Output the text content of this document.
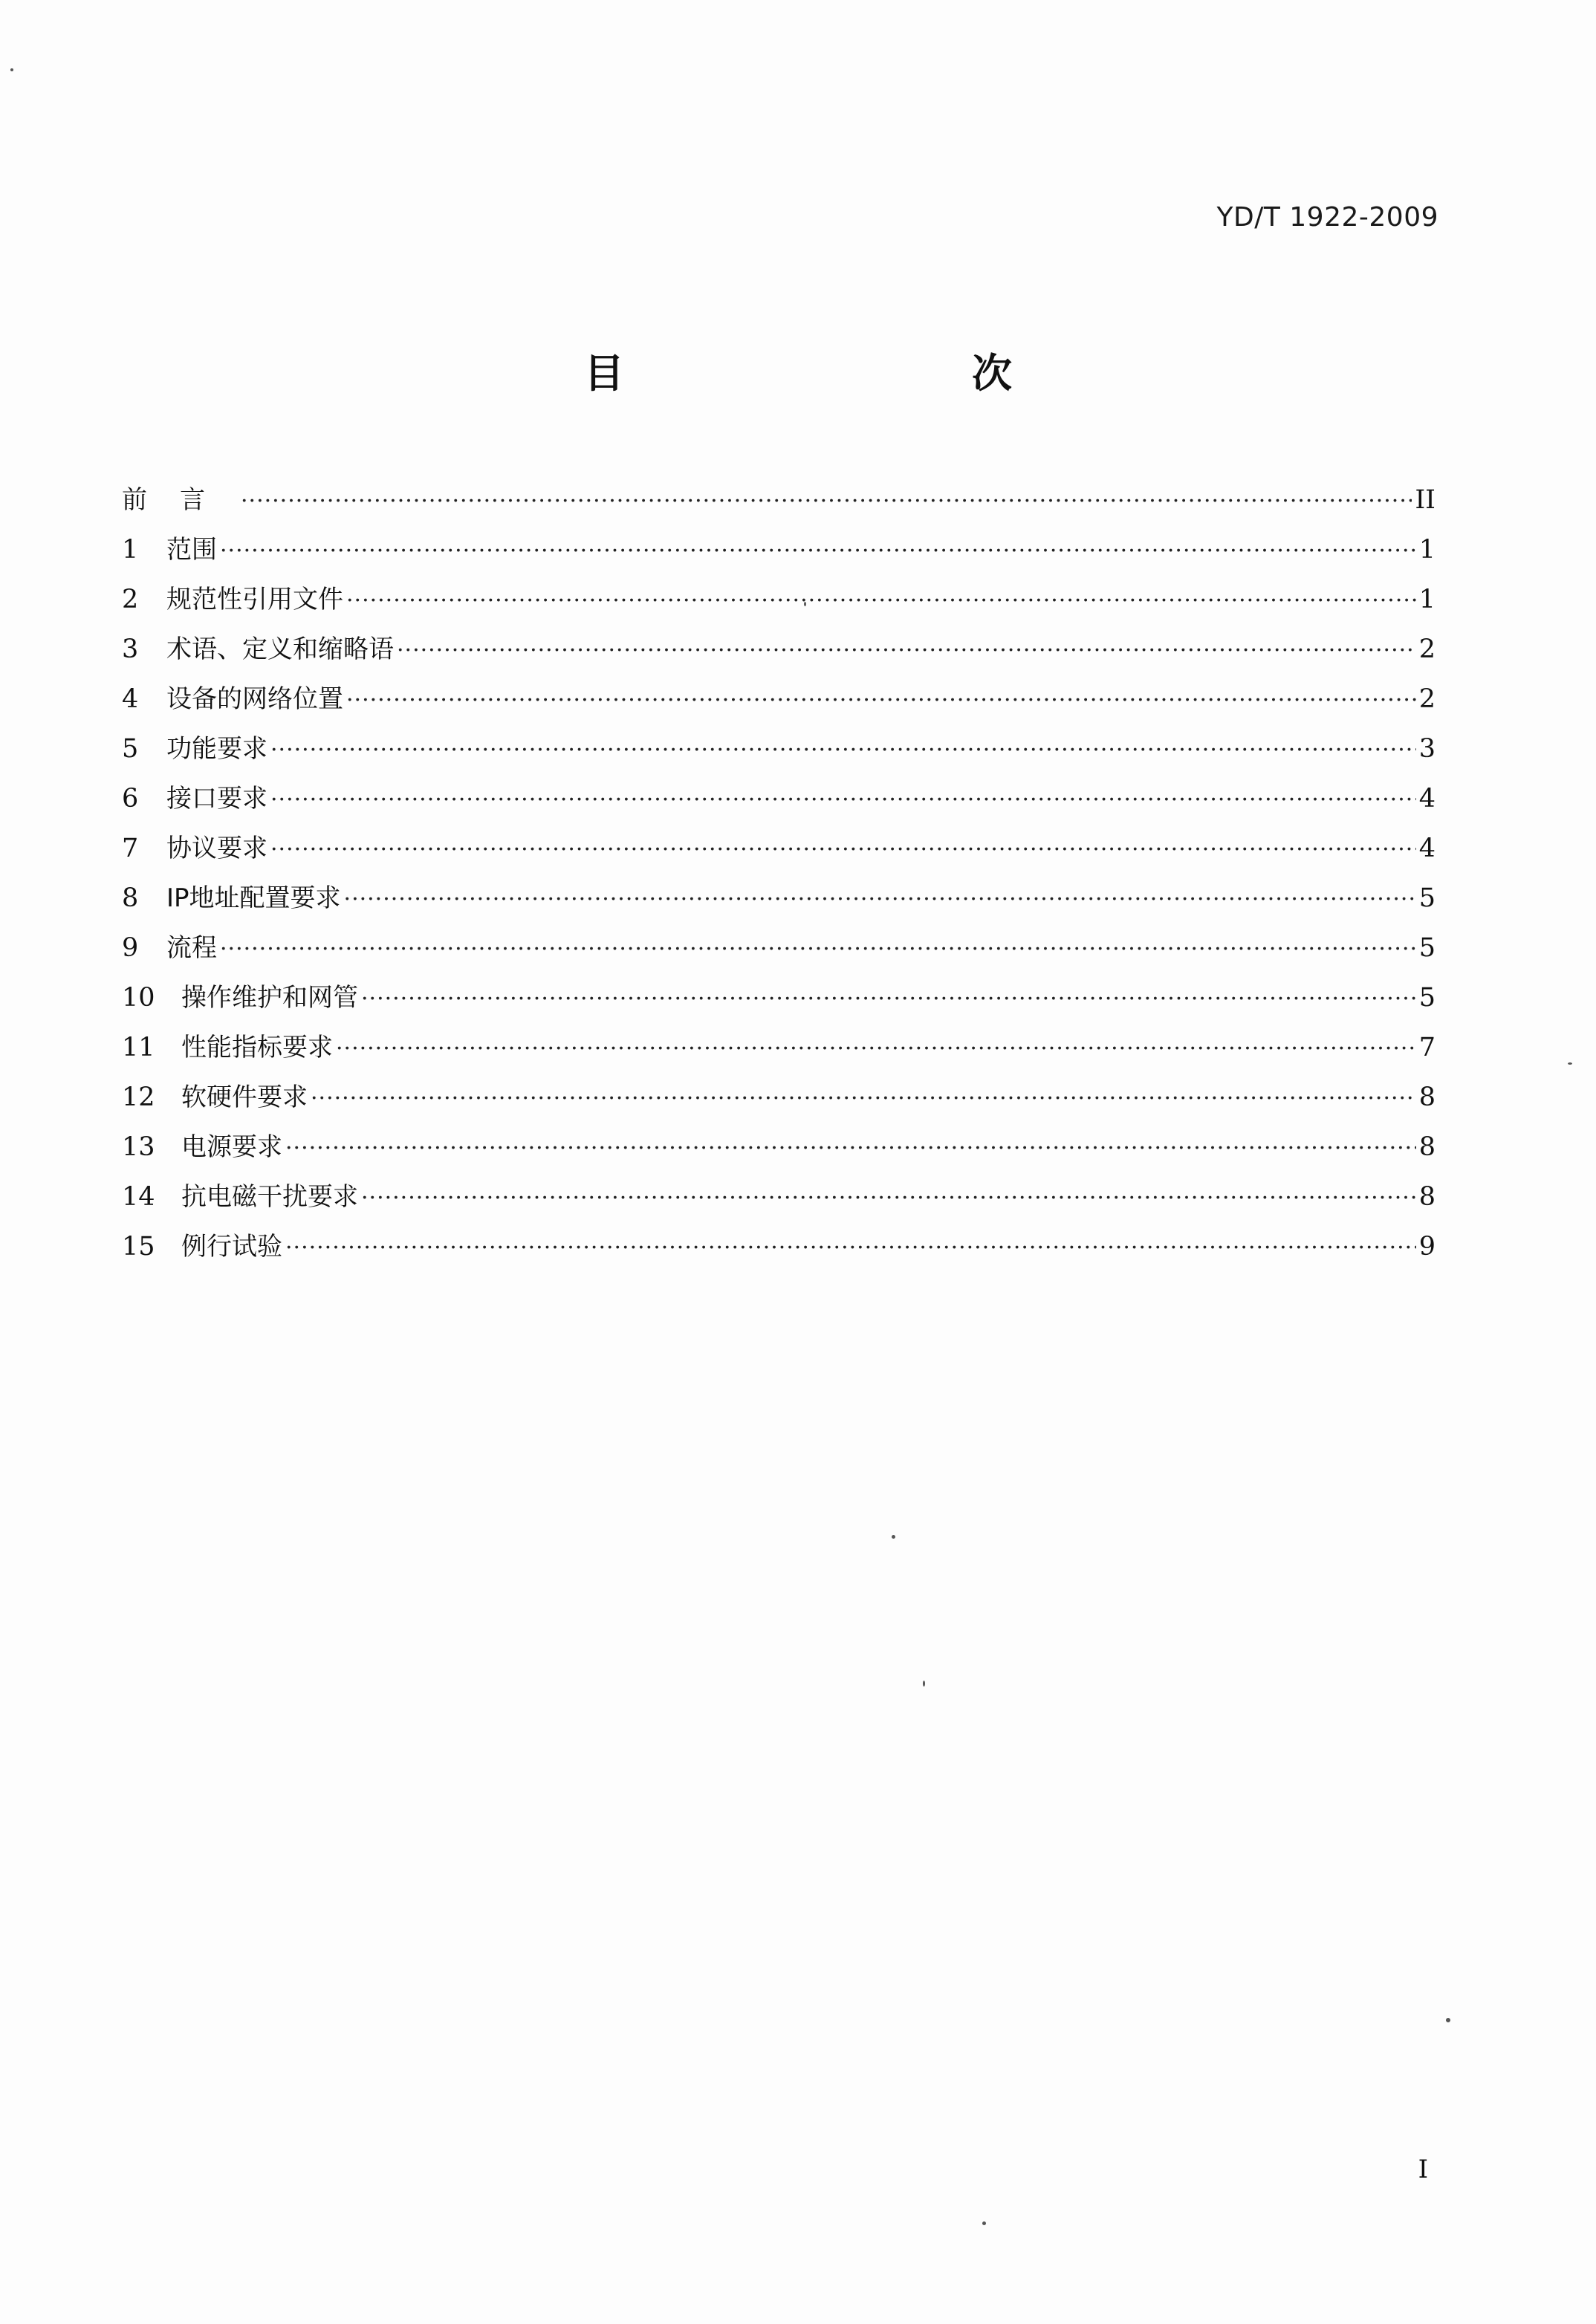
YD/T 1922-2009
目　　次
前言 ·····	II
1	范围 ·····	1
2	规范性引用文件 ·····	1
3	术语、定义和缩略语 ·····	2
4	设备的网络位置 ·····	2
5	功能要求 ·····	3
6	接口要求 ·····	4
7	协议要求 ·····	4
8	IP地址配置要求 ·····	5
9	流程 ·····	5
10	操作维护和网管 ·····	5
11	性能指标要求 ·····	7
12	软硬件要求 ·····	8
13	电源要求 ·····	8
14	抗电磁干扰要求 ·····	8
15	例行试验 ·····	9
I
